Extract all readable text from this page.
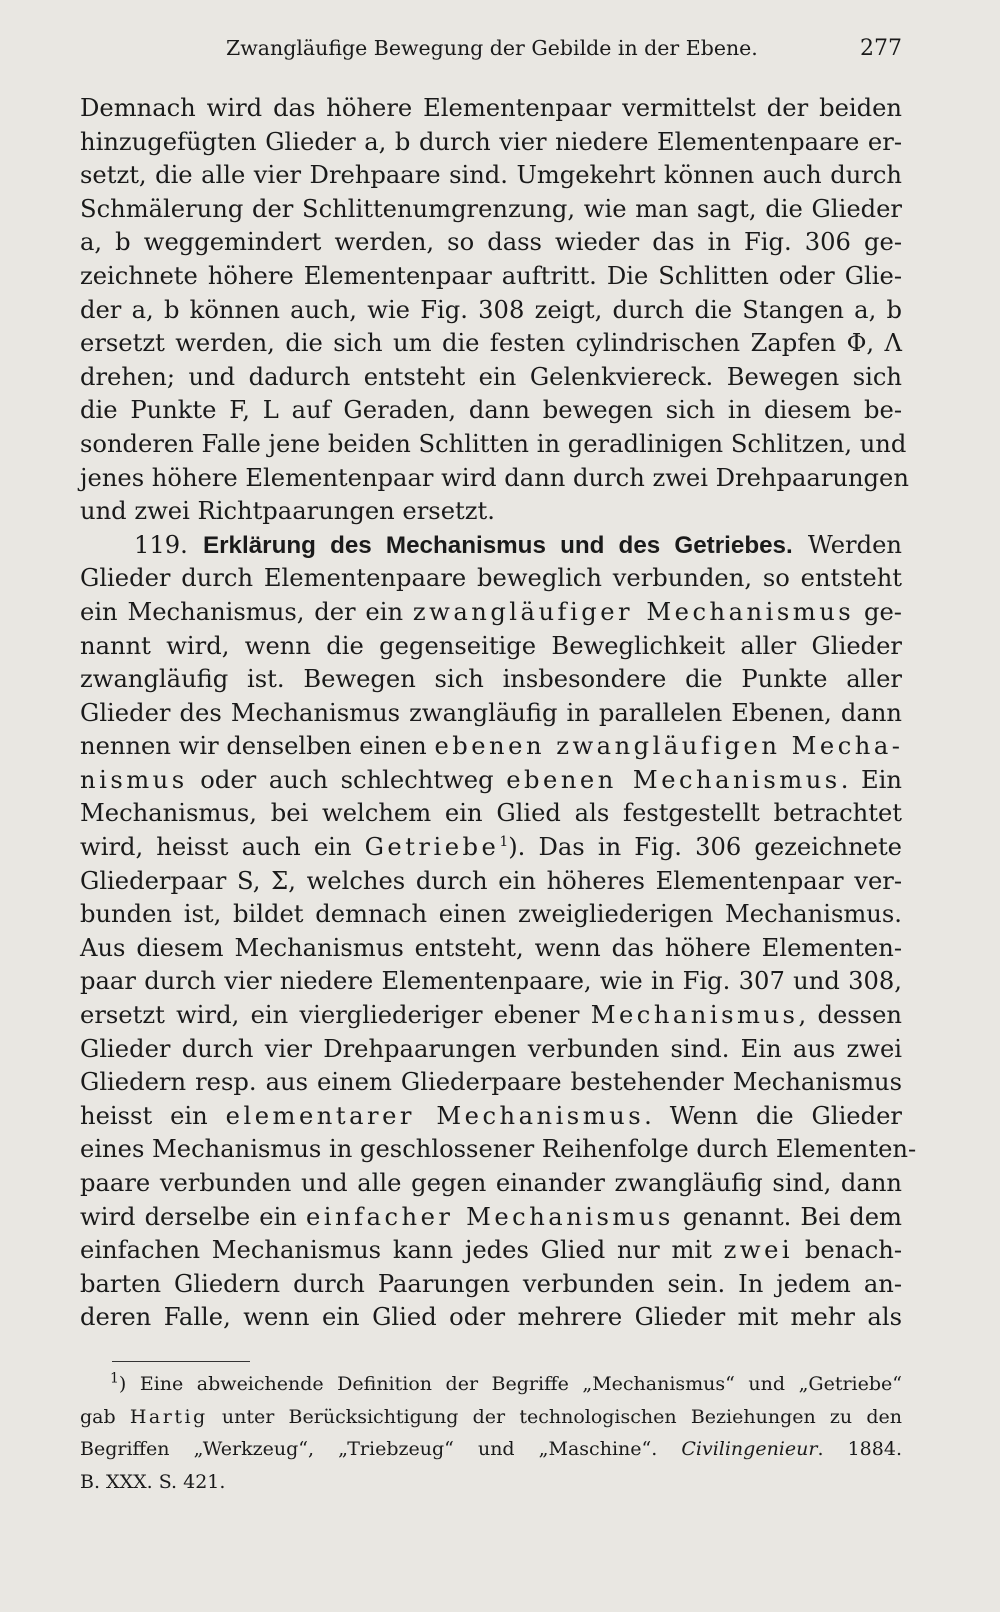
Zwangläufige Bewegung der Gebilde in der Ebene.	277
Demnach wird das höhere Elementenpaar vermittelst der beiden
hinzugefügten Glieder a, b durch vier niedere Elementenpaare er-
setzt, die alle vier Drehpaare sind. Umgekehrt können auch durch
Schmälerung der Schlittenumgrenzung, wie man sagt, die Glieder
a, b weggemindert werden, so dass wieder das in Fig. 306 ge-
zeichnete höhere Elementenpaar auftritt. Die Schlitten oder Glie-
der a, b können auch, wie Fig. 308 zeigt, durch die Stangen a, b
ersetzt werden, die sich um die festen cylindrischen Zapfen Φ, Λ
drehen; und dadurch entsteht ein Gelenkviereck. Bewegen sich
die Punkte F, L auf Geraden, dann bewegen sich in diesem be-
sonderen Falle jene beiden Schlitten in geradlinigen Schlitzen, und
jenes höhere Elementenpaar wird dann durch zwei Drehpaarungen
und zwei Richtpaarungen ersetzt.
119. Erklärung des Mechanismus und des Getriebes. Werden
Glieder durch Elementenpaare beweglich verbunden, so entsteht
ein Mechanismus, der ein zwangläufiger Mechanismus ge-
nannt wird, wenn die gegenseitige Beweglichkeit aller Glieder
zwangläufig ist. Bewegen sich insbesondere die Punkte aller
Glieder des Mechanismus zwangläufig in parallelen Ebenen, dann
nennen wir denselben einen ebenen zwangläufigen Mecha-
nismus oder auch schlechtweg ebenen Mechanismus. Ein
Mechanismus, bei welchem ein Glied als festgestellt betrachtet
wird, heisst auch ein Getriebe$^1$). Das in Fig. 306 gezeichnete
Gliederpaar S, Σ, welches durch ein höheres Elementenpaar ver-
bunden ist, bildet demnach einen zweigliederigen Mechanismus.
Aus diesem Mechanismus entsteht, wenn das höhere Elementen-
paar durch vier niedere Elementenpaare, wie in Fig. 307 und 308,
ersetzt wird, ein viergliederiger ebener Mechanismus, dessen
Glieder durch vier Drehpaarungen verbunden sind. Ein aus zwei
Gliedern resp. aus einem Gliederpaare bestehender Mechanismus
heisst ein elementarer Mechanismus. Wenn die Glieder
eines Mechanismus in geschlossener Reihenfolge durch Elementen-
paare verbunden und alle gegen einander zwangläufig sind, dann
wird derselbe ein einfacher Mechanismus genannt. Bei dem
einfachen Mechanismus kann jedes Glied nur mit zwei benach-
barten Gliedern durch Paarungen verbunden sein. In jedem an-
deren Falle, wenn ein Glied oder mehrere Glieder mit mehr als
$^1$) Eine abweichende Definition der Begriffe „Mechanismus“ und „Getriebe“
gab Hartig unter Berücksichtigung der technologischen Beziehungen zu den
Begriffen „Werkzeug“, „Triebzeug“ und „Maschine“. Civilingenieur. 1884.
B. XXX. S. 421.
